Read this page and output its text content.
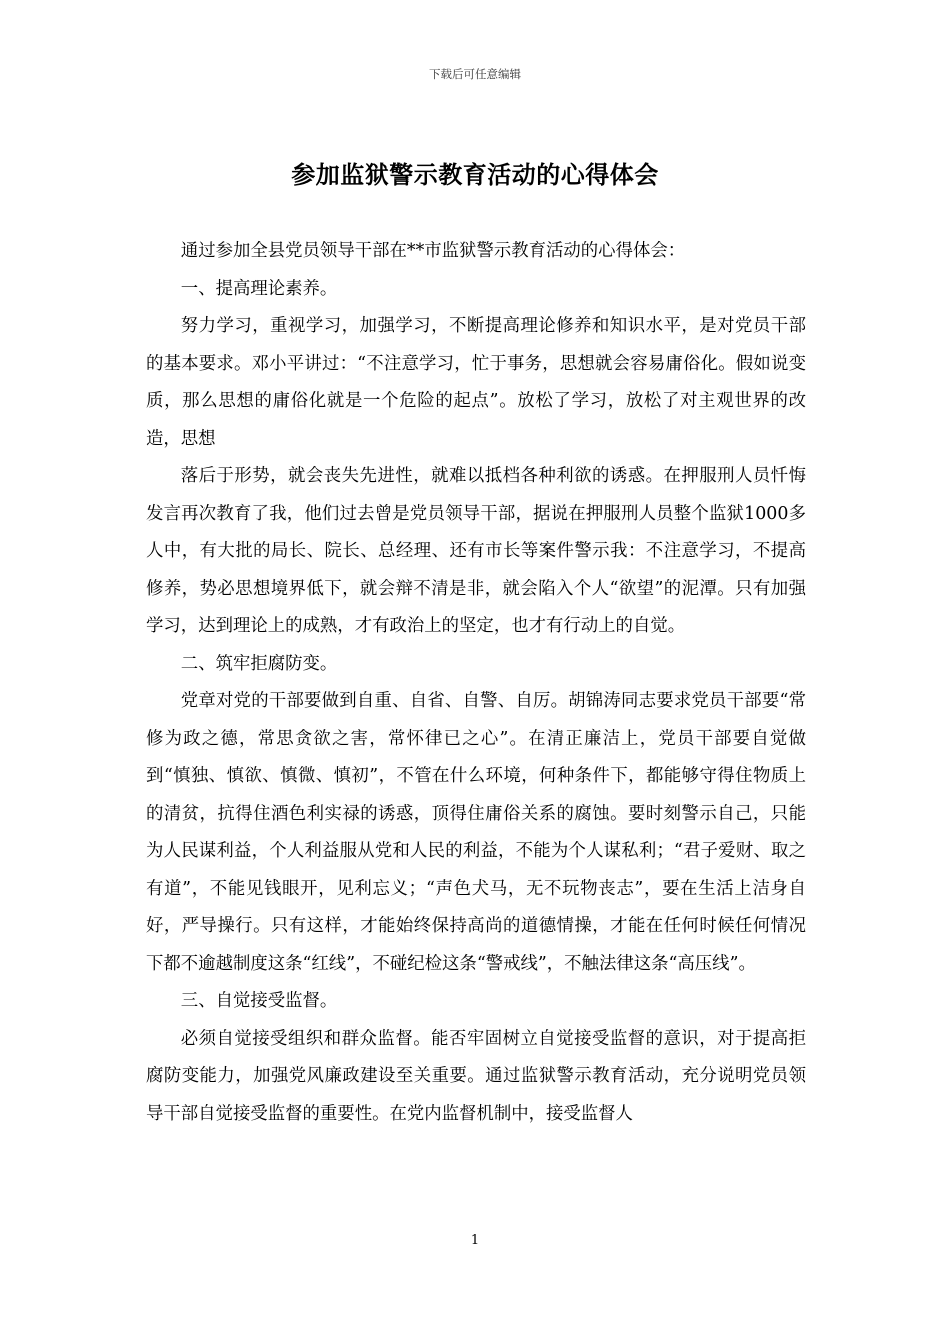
下载后可任意编辑
参加监狱警示教育活动的心得体会

通过参加全县党员领导干部在**市监狱警示教育活动的心得体会：

一、提高理论素养。

努力学习，重视学习，加强学习，不断提高理论修养和知识水平，是对党员干部的基本要求。邓小平讲过：“不注意学习，忙于事务，思想就会容易庸俗化。假如说变质，那么思想的庸俗化就是一个危险的起点”。放松了学习，放松了对主观世界的改造，思想

落后于形势，就会丧失先进性，就难以抵档各种利欲的诱惑。在押服刑人员忏悔发言再次教育了我，他们过去曾是党员领导干部，据说在押服刑人员整个监狱1000多人中，有大批的局长、院长、总经理、还有市长等案件警示我：不注意学习，不提高修养，势必思想境界低下，就会辩不清是非，就会陷入个人“欲望”的泥潭。只有加强学习，达到理论上的成熟，才有政治上的坚定，也才有行动上的自觉。

二、筑牢拒腐防变。

党章对党的干部要做到自重、自省、自警、自厉。胡锦涛同志要求党员干部要“常修为政之德，常思贪欲之害，常怀律已之心”。在清正廉洁上，党员干部要自觉做到“慎独、慎欲、慎微、慎初”，不管在什么环境，何种条件下，都能够守得住物质上的清贫，抗得住酒色利实禄的诱惑，顶得住庸俗关系的腐蚀。要时刻警示自己，只能为人民谋利益，个人利益服从党和人民的利益，不能为个人谋私利；“君子爱财、取之有道”，不能见钱眼开，见利忘义；“声色犬马，无不玩物丧志”，要在生活上洁身自好，严导操行。只有这样，才能始终保持高尚的道德情操，才能在任何时候任何情况下都不逾越制度这条“红线”，不碰纪检这条“警戒线”，不触法律这条“高压线”。

三、自觉接受监督。

必须自觉接受组织和群众监督。能否牢固树立自觉接受监督的意识，对于提高拒腐防变能力，加强党风廉政建设至关重要。通过监狱警示教育活动，充分说明党员领导干部自觉接受监督的重要性。在党内监督机制中，接受监督人

1
